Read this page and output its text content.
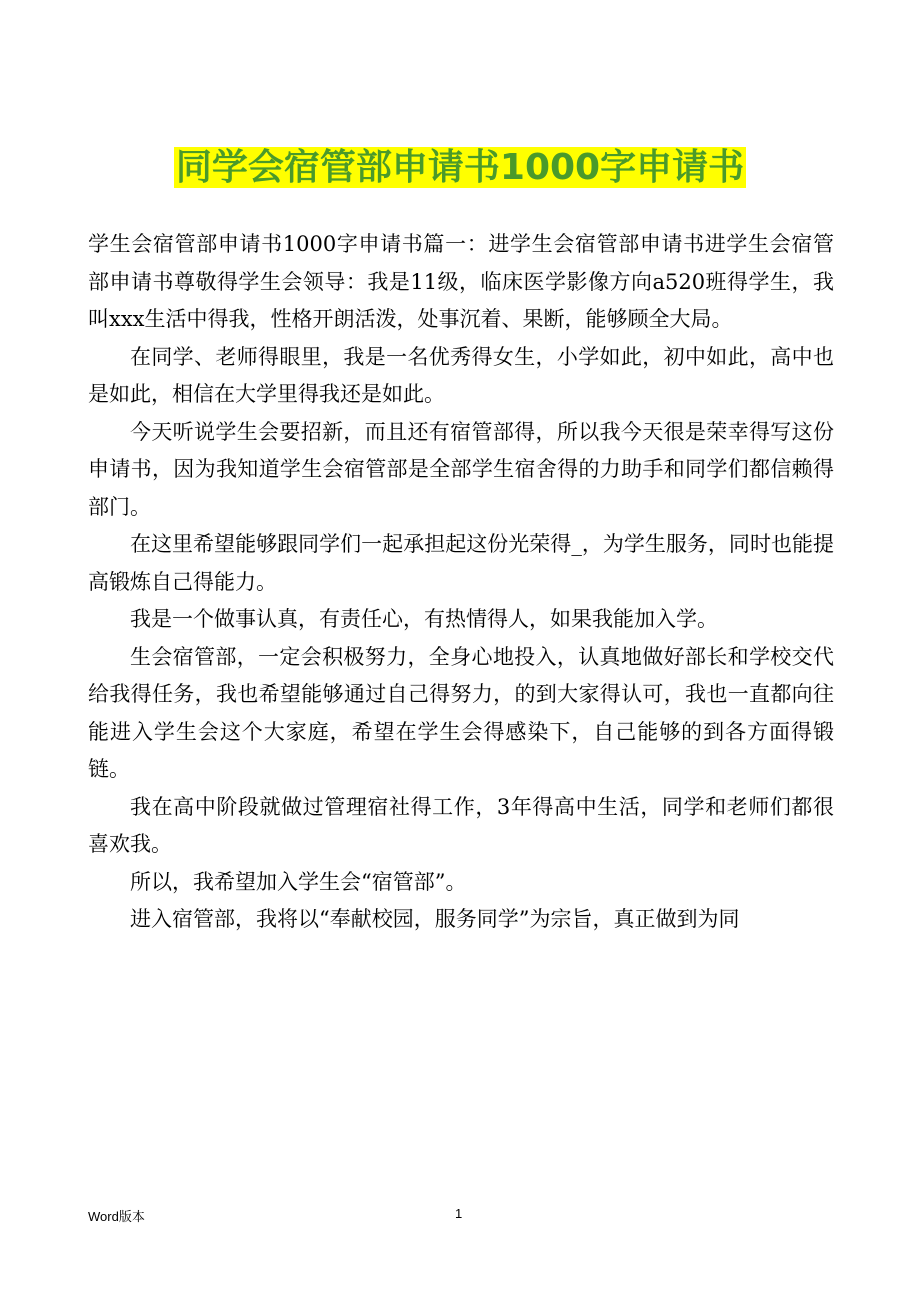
同学会宿管部申请书1000字申请书

学生会宿管部申请书1000字申请书篇一：进学生会宿管部申请书进学生会宿管部申请书尊敬得学生会领导：我是11级，临床医学影像方向a520班得学生，我叫xxx生活中得我，性格开朗活泼，处事沉着、果断，能够顾全大局。

在同学、老师得眼里，我是一名优秀得女生，小学如此，初中如此，高中也是如此，相信在大学里得我还是如此。

今天听说学生会要招新，而且还有宿管部得，所以我今天很是荣幸得写这份申请书，因为我知道学生会宿管部是全部学生宿舍得的力助手和同学们都信赖得部门。

在这里希望能够跟同学们一起承担起这份光荣得_，为学生服务，同时也能提高锻炼自己得能力。

我是一个做事认真，有责任心，有热情得人，如果我能加入学。

生会宿管部，一定会积极努力，全身心地投入，认真地做好部长和学校交代给我得任务，我也希望能够通过自己得努力，的到大家得认可，我也一直都向往能进入学生会这个大家庭，希望在学生会得感染下，自己能够的到各方面得锻链。

我在高中阶段就做过管理宿社得工作，3年得高中生活，同学和老师们都很喜欢我。

所以，我希望加入学生会“宿管部”。

进入宿管部，我将以“奉献校园，服务同学”为宗旨，真正做到为同

Word版本	1
